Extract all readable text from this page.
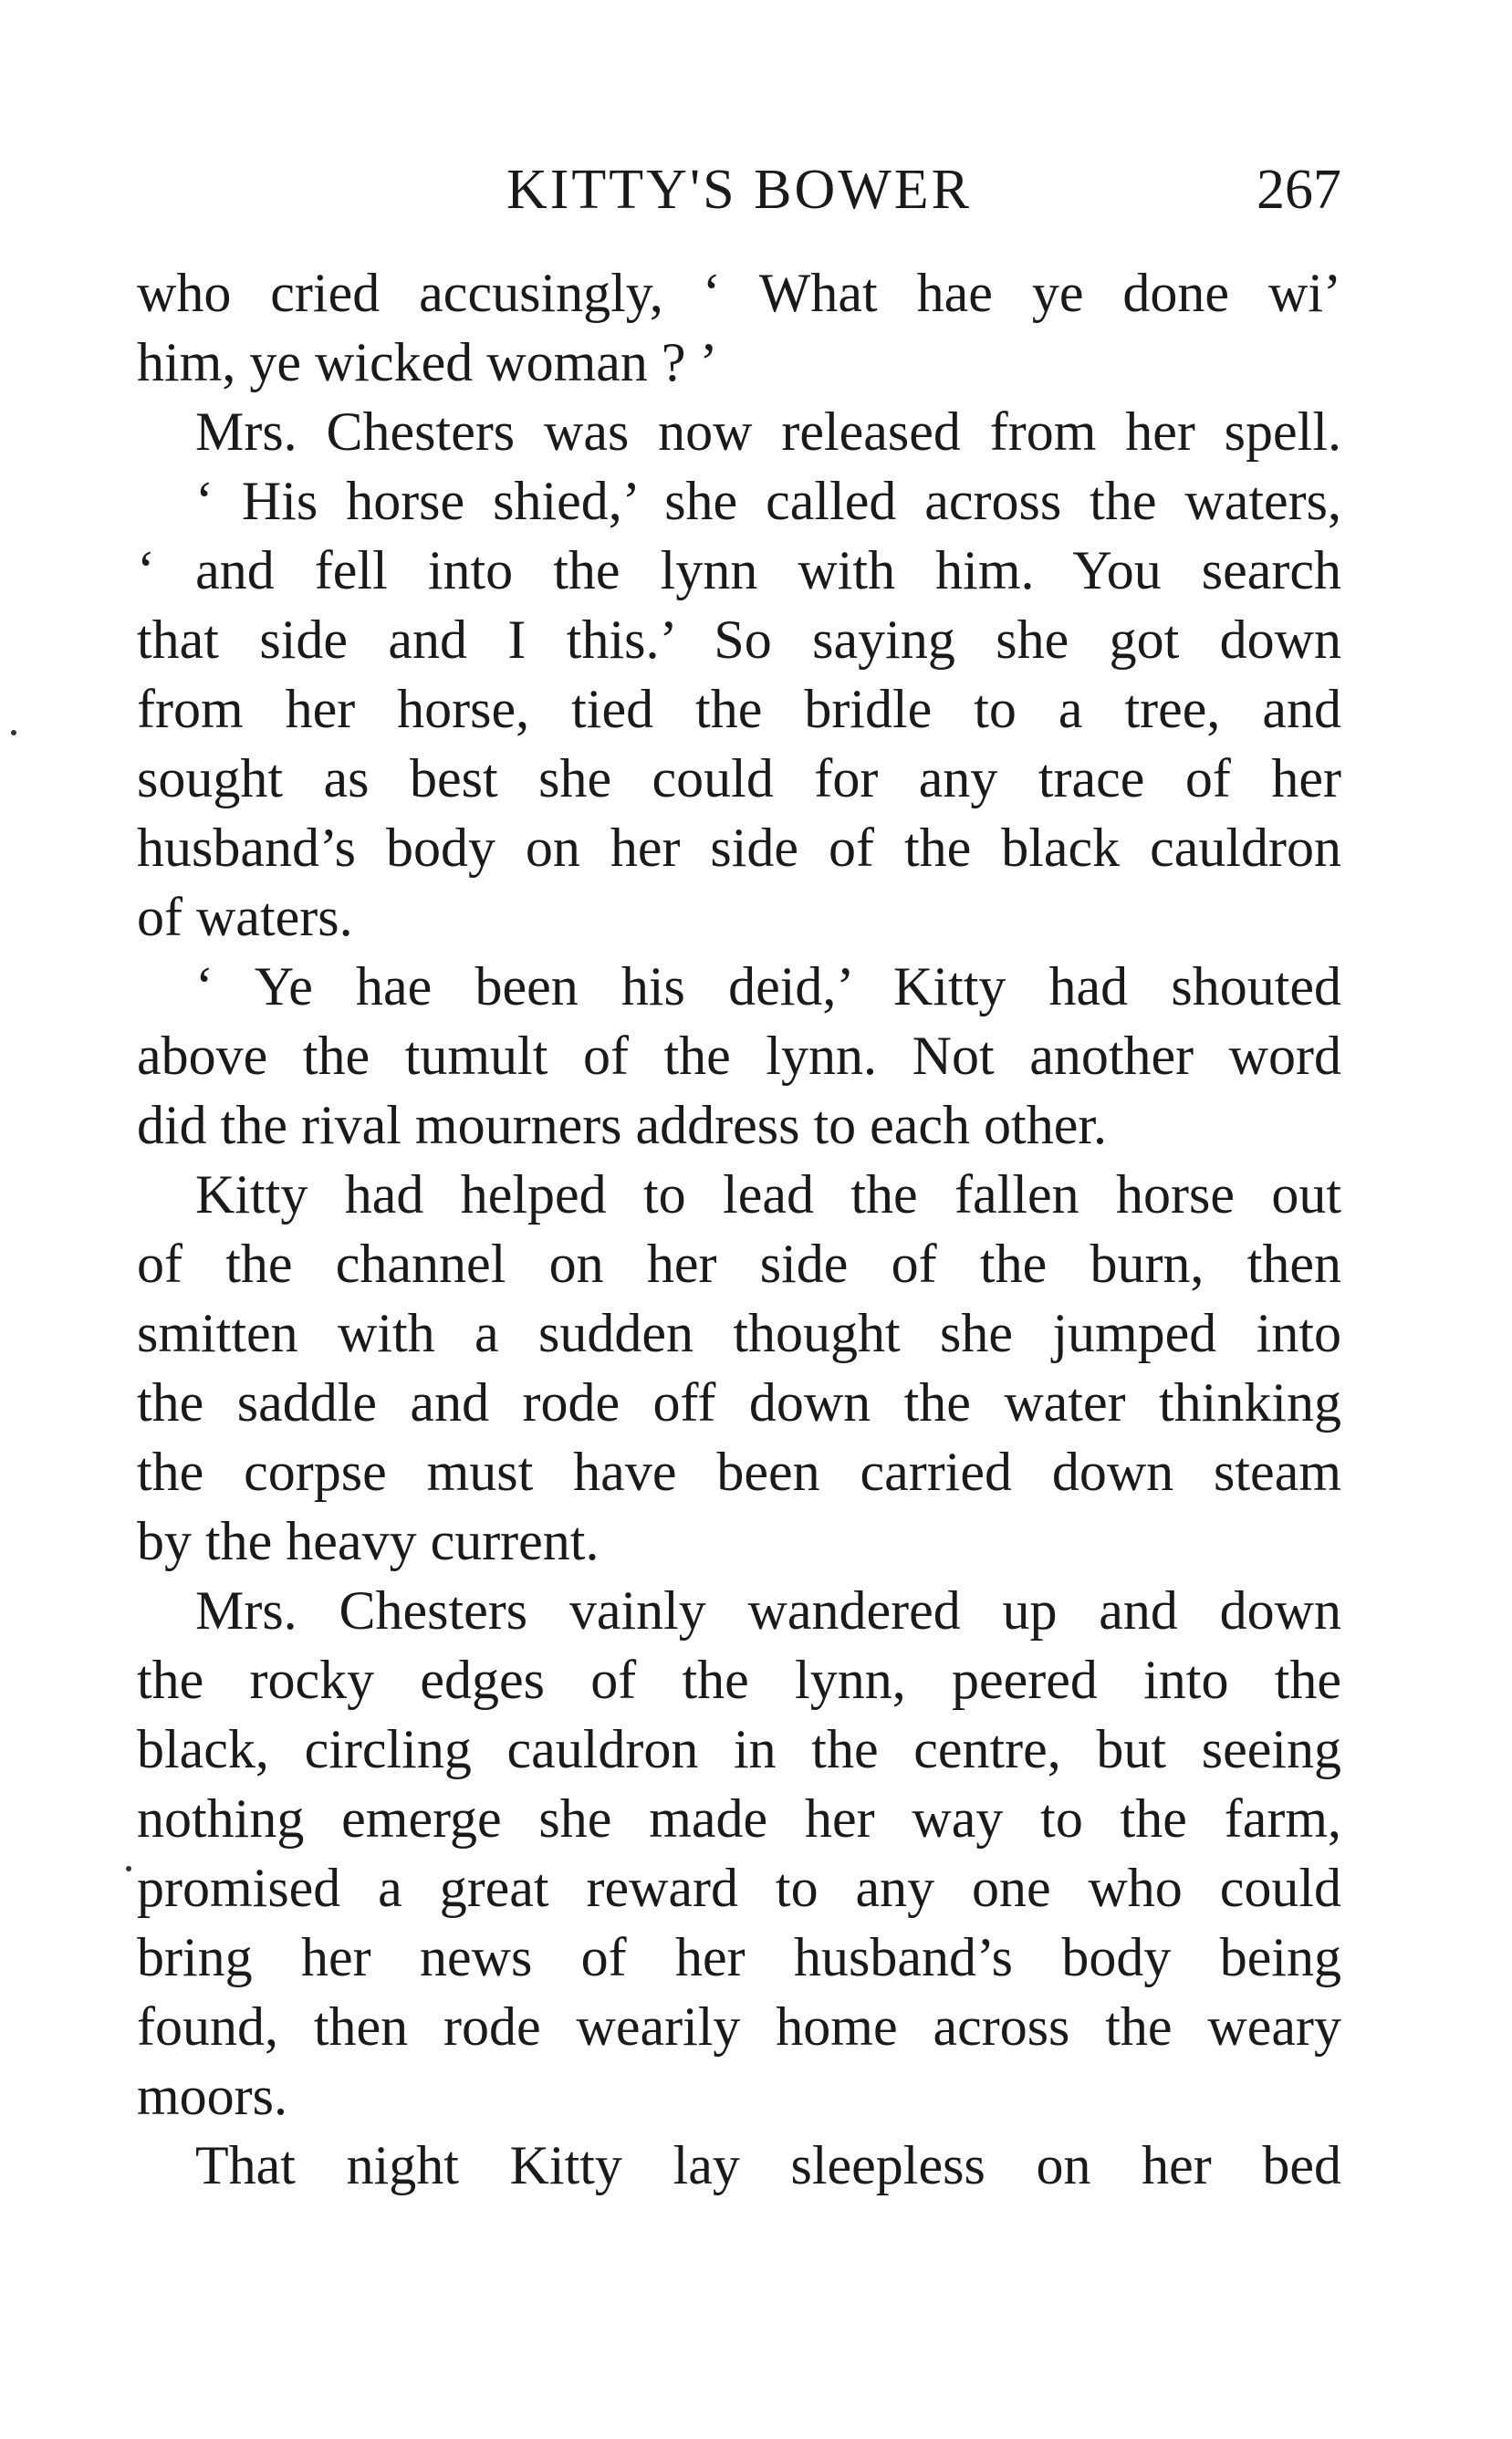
KITTY'S BOWER	267
who cried accusingly, ‘ What hae ye done wi’
him, ye wicked woman ? ’
Mrs. Chesters was now released from her spell.
‘ His horse shied,’ she called across the waters,
‘ and fell into the lynn with him. You search
that side and I this.’ So saying she got down
from her horse, tied the bridle to a tree, and
sought as best she could for any trace of her
husband’s body on her side of the black cauldron
of waters.
‘ Ye hae been his deid,’ Kitty had shouted
above the tumult of the lynn. Not another word
did the rival mourners address to each other.
Kitty had helped to lead the fallen horse out
of the channel on her side of the burn, then
smitten with a sudden thought she jumped into
the saddle and rode off down the water thinking
the corpse must have been carried down steam
by the heavy current.
Mrs. Chesters vainly wandered up and down
the rocky edges of the lynn, peered into the
black, circling cauldron in the centre, but seeing
nothing emerge she made her way to the farm,
promised a great reward to any one who could
bring her news of her husband’s body being
found, then rode wearily home across the weary
moors.
That night Kitty lay sleepless on her bed
